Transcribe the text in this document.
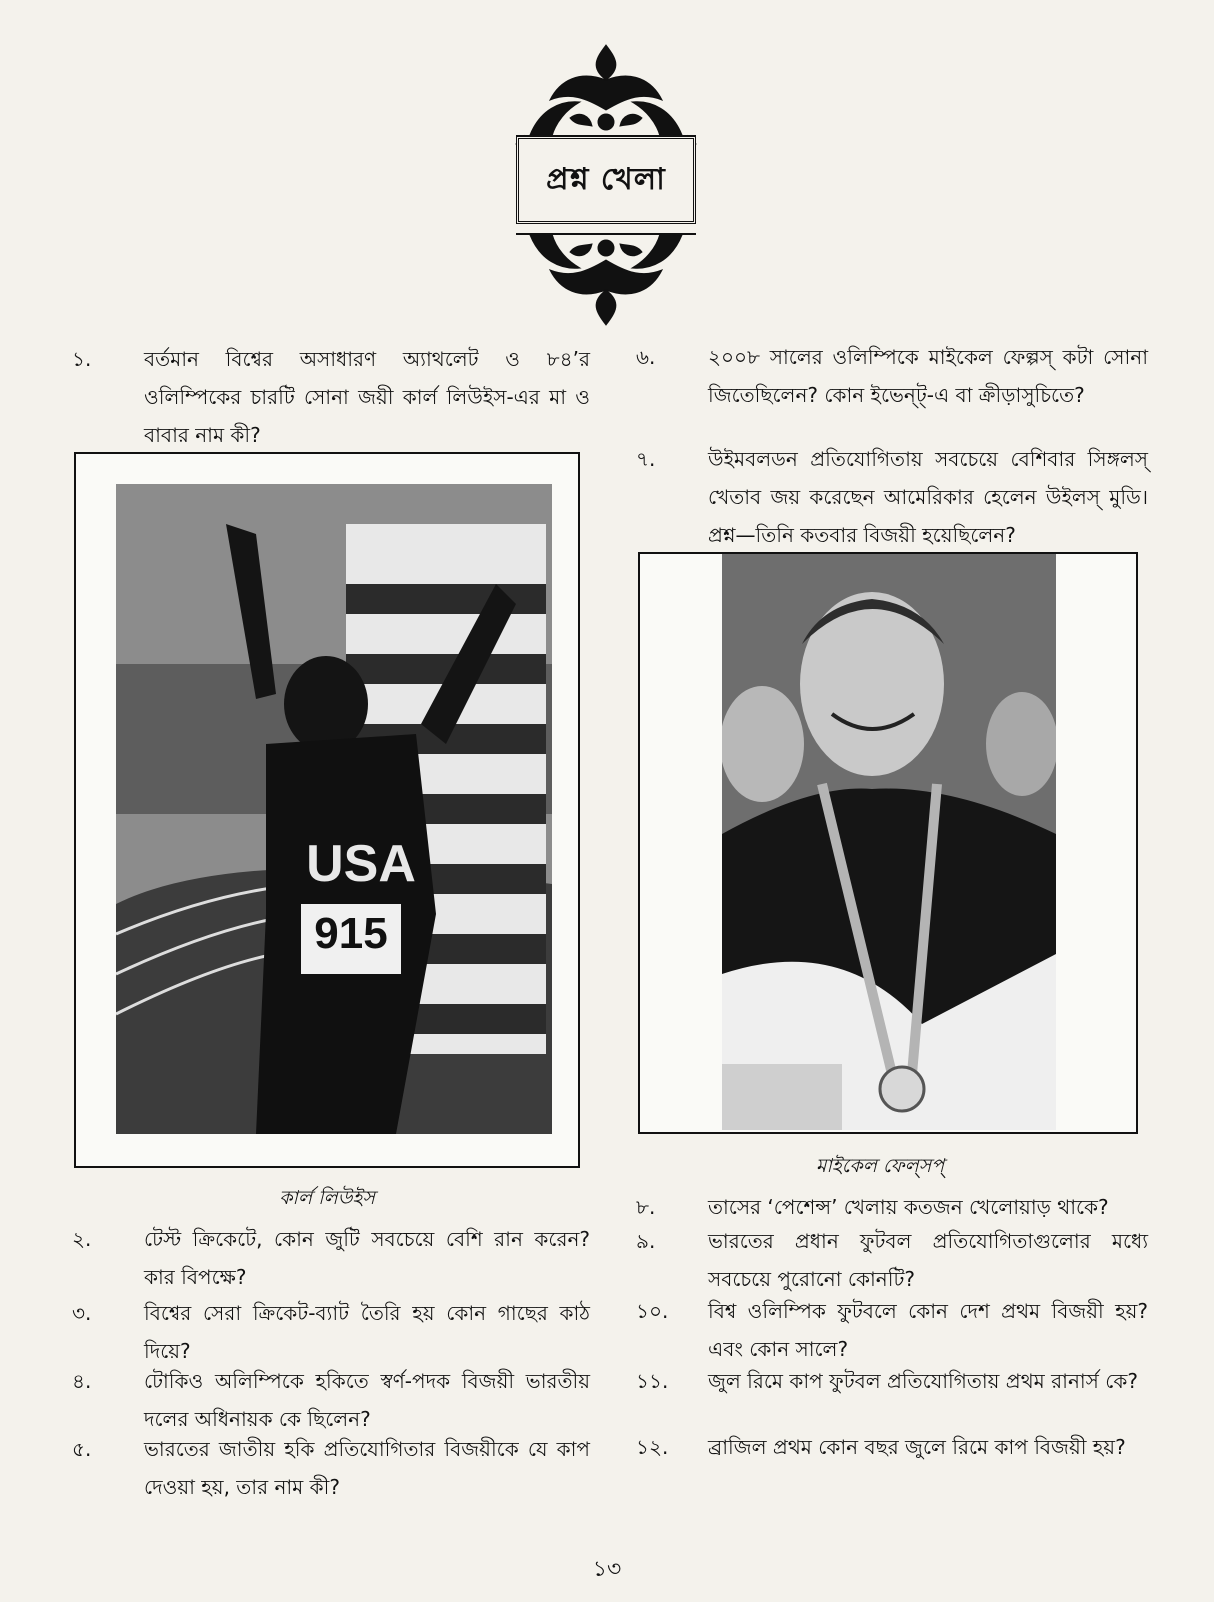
প্রশ্ন খেলা
১.	বর্তমান বিশ্বের অসাধারণ অ্যাথলেট ও ৮৪’র ওলিম্পিকের চারটি সোনা জয়ী কার্ল লিউইস-এর মা ও বাবার নাম কী?
USA
915
কার্ল লিউইস
২.	টেস্ট ক্রিকেটে, কোন জুটি সবচেয়ে বেশি রান করেন? কার বিপক্ষে?
৩.	বিশ্বের সেরা ক্রিকেট-ব্যাট তৈরি হয় কোন গাছের কাঠ দিয়ে?
৪.	টোকিও অলিম্পিকে হকিতে স্বর্ণ-পদক বিজয়ী ভারতীয় দলের অধিনায়ক কে ছিলেন?
৫.	ভারতের জাতীয় হকি প্রতিযোগিতার বিজয়ীকে যে কাপ দেওয়া হয়, তার নাম কী?
৬.	২০০৮ সালের ওলিম্পিকে মাইকেল ফেল্পস্ কটা সোনা জিতেছিলেন? কোন ইভেন্ট্-এ বা ক্রীড়াসুচিতে?
৭.	উইমবলডন প্রতিযোগিতায় সবচেয়ে বেশিবার সিঙ্গলস্ খেতাব জয় করেছেন আমেরিকার হেলেন উইলস্ মুডি। প্রশ্ন—তিনি কতবার বিজয়ী হয়েছিলেন?
মাইকেল ফেল্সপ্
৮.	তাসের ‘পেশেন্স’ খেলায় কতজন খেলোয়াড় থাকে?
৯.	ভারতের প্রধান ফুটবল প্রতিযোগিতাগুলোর মধ্যে সবচেয়ে পুরোনো কোনটি?
১০.	বিশ্ব ওলিম্পিক ফুটবলে কোন দেশ প্রথম বিজয়ী হয়? এবং কোন সালে?
১১.	জুল রিমে কাপ ফুটবল প্রতিযোগিতায় প্রথম রানার্স কে?
১২.	ব্রাজিল প্রথম কোন বছর জুলে রিমে কাপ বিজয়ী হয়?
১৩
